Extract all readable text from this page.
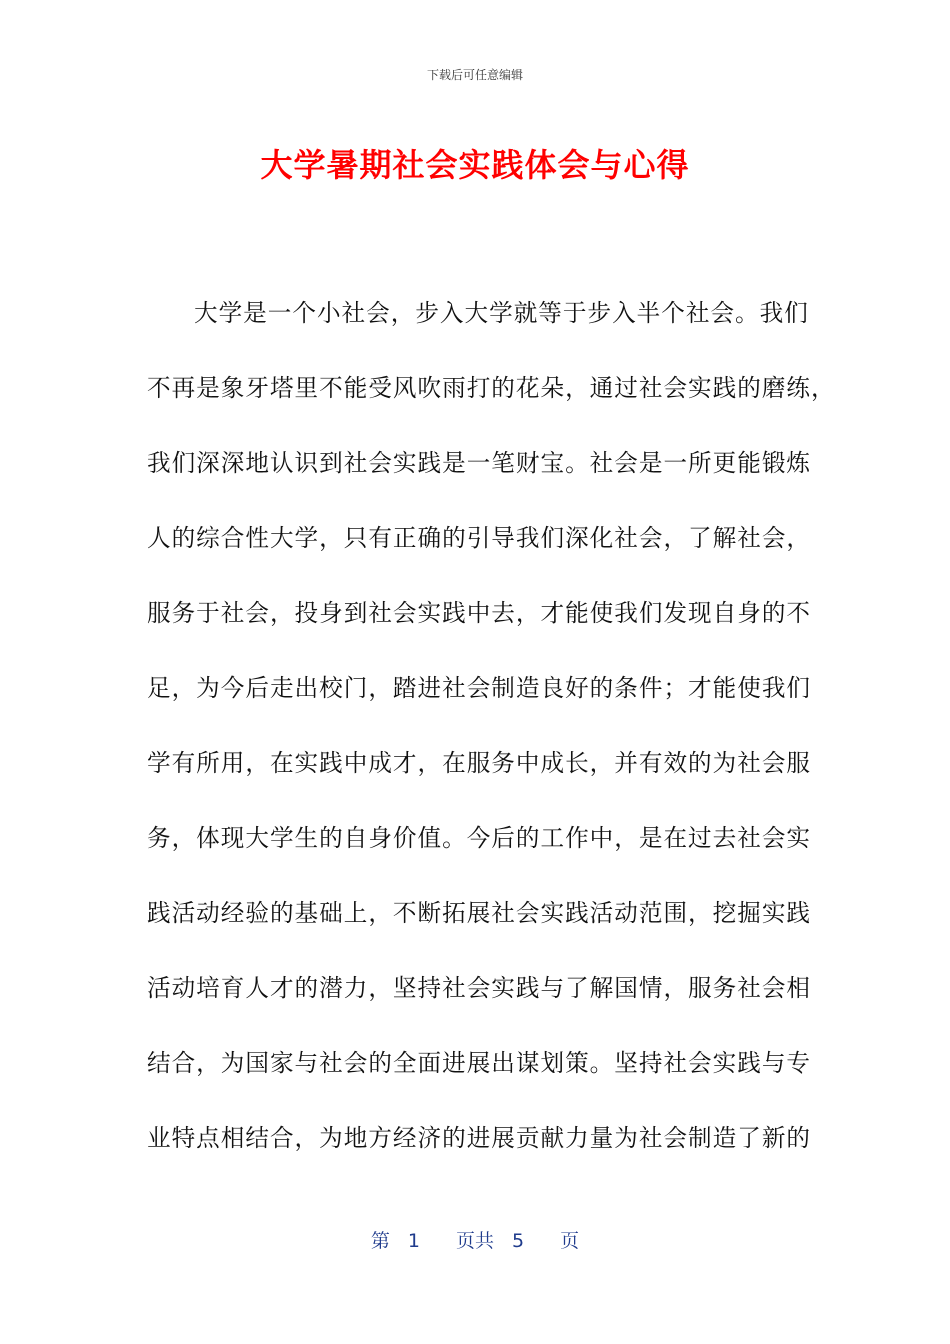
下载后可任意编辑
大学暑期社会实践体会与心得
大学是一个小社会，步入大学就等于步入半个社会。我们
不再是象牙塔里不能受风吹雨打的花朵，通过社会实践的磨练，
我们深深地认识到社会实践是一笔财宝。社会是一所更能锻炼
人的综合性大学，只有正确的引导我们深化社会，了解社会，
服务于社会，投身到社会实践中去，才能使我们发现自身的不
足，为今后走出校门，踏进社会制造良好的条件；才能使我们
学有所用，在实践中成才，在服务中成长，并有效的为社会服
务，体现大学生的自身价值。今后的工作中，是在过去社会实
践活动经验的基础上，不断拓展社会实践活动范围，挖掘实践
活动培育人才的潜力，坚持社会实践与了解国情，服务社会相
结合，为国家与社会的全面进展出谋划策。坚持社会实践与专
业特点相结合，为地方经济的进展贡献力量为社会制造了新的
第 1 页共 5 页
